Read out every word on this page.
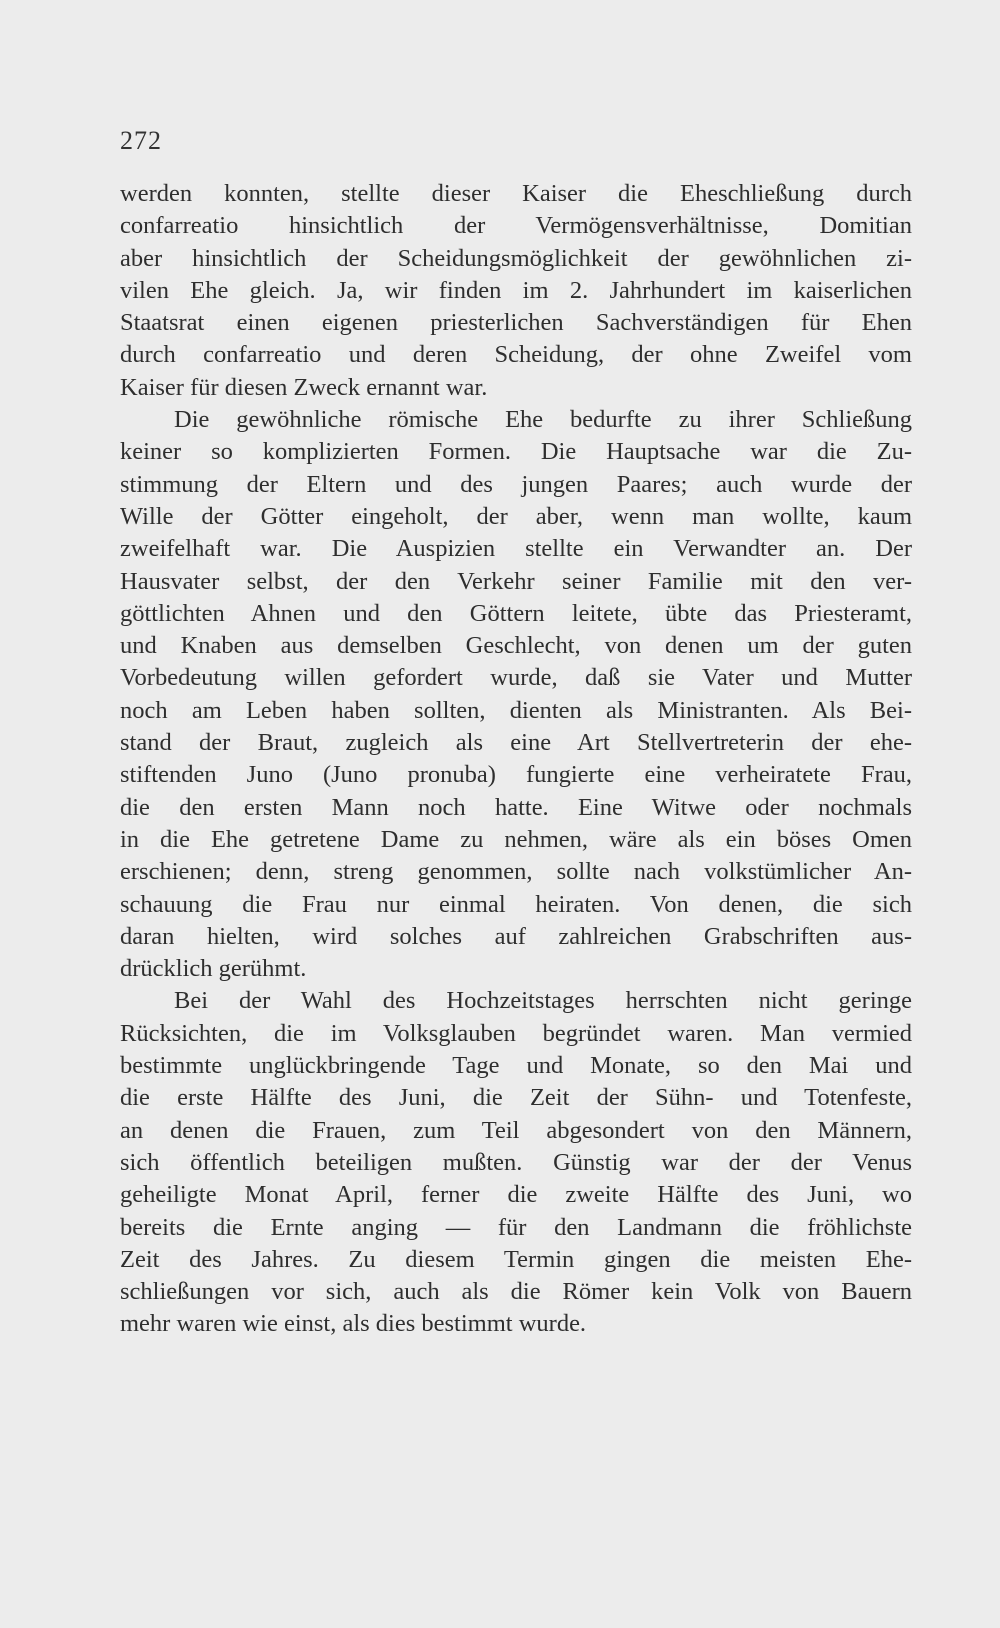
272
werden konnten, stellte dieser Kaiser die Eheschließung durch
confarreatio hinsichtlich der Vermögensverhältnisse, Domitian
aber hinsichtlich der Scheidungsmöglichkeit der gewöhnlichen zi-
vilen Ehe gleich. Ja, wir finden im 2. Jahrhundert im kaiserlichen
Staatsrat einen eigenen priesterlichen Sachverständigen für Ehen
durch confarreatio und deren Scheidung, der ohne Zweifel vom
Kaiser für diesen Zweck ernannt war.
Die gewöhnliche römische Ehe bedurfte zu ihrer Schließung
keiner so komplizierten Formen. Die Hauptsache war die Zu-
stimmung der Eltern und des jungen Paares; auch wurde der
Wille der Götter eingeholt, der aber, wenn man wollte, kaum
zweifelhaft war. Die Auspizien stellte ein Verwandter an. Der
Hausvater selbst, der den Verkehr seiner Familie mit den ver-
göttlichten Ahnen und den Göttern leitete, übte das Priesteramt,
und Knaben aus demselben Geschlecht, von denen um der guten
Vorbedeutung willen gefordert wurde, daß sie Vater und Mutter
noch am Leben haben sollten, dienten als Ministranten. Als Bei-
stand der Braut, zugleich als eine Art Stellvertreterin der ehe-
stiftenden Juno (Juno pronuba) fungierte eine verheiratete Frau,
die den ersten Mann noch hatte. Eine Witwe oder nochmals
in die Ehe getretene Dame zu nehmen, wäre als ein böses Omen
erschienen; denn, streng genommen, sollte nach volkstümlicher An-
schauung die Frau nur einmal heiraten. Von denen, die sich
daran hielten, wird solches auf zahlreichen Grabschriften aus-
drücklich gerühmt.
Bei der Wahl des Hochzeitstages herrschten nicht geringe
Rücksichten, die im Volksglauben begründet waren. Man vermied
bestimmte unglückbringende Tage und Monate, so den Mai und
die erste Hälfte des Juni, die Zeit der Sühn- und Totenfeste,
an denen die Frauen, zum Teil abgesondert von den Männern,
sich öffentlich beteiligen mußten. Günstig war der der Venus
geheiligte Monat April, ferner die zweite Hälfte des Juni, wo
bereits die Ernte anging — für den Landmann die fröhlichste
Zeit des Jahres. Zu diesem Termin gingen die meisten Ehe-
schließungen vor sich, auch als die Römer kein Volk von Bauern
mehr waren wie einst, als dies bestimmt wurde.
